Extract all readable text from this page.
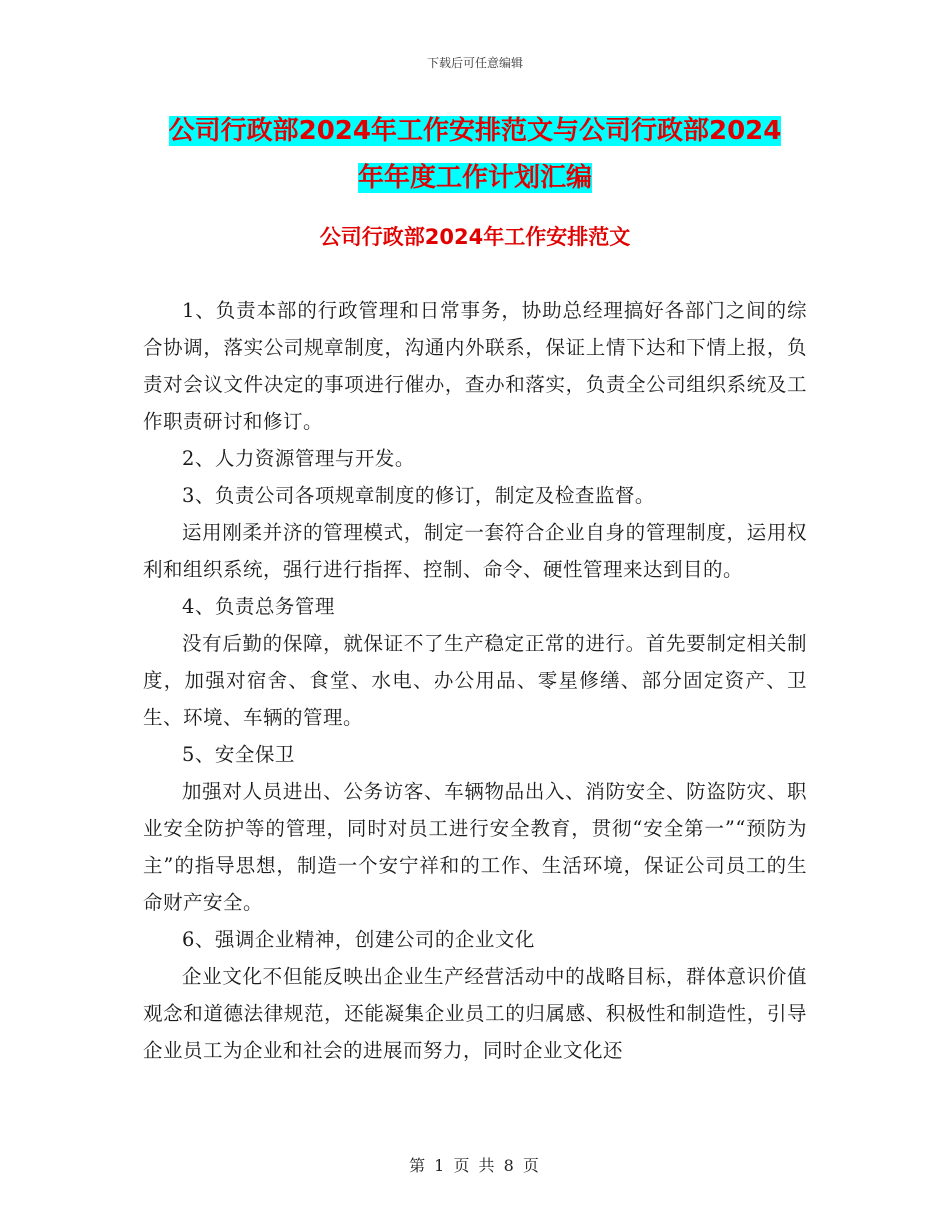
下载后可任意编辑
公司行政部2024年工作安排范文与公司行政部2024
年年度工作计划汇编
公司行政部2024年工作安排范文

1、负责本部的行政管理和日常事务，协助总经理搞好各部门之间的综合协调，落实公司规章制度，沟通内外联系，保证上情下达和下情上报，负责对会议文件决定的事项进行催办，查办和落实，负责全公司组织系统及工作职责研讨和修订。

2、人力资源管理与开发。

3、负责公司各项规章制度的修订，制定及检查监督。

运用刚柔并济的管理模式，制定一套符合企业自身的管理制度，运用权利和组织系统，强行进行指挥、控制、命令、硬性管理来达到目的。

4、负责总务管理

没有后勤的保障，就保证不了生产稳定正常的进行。首先要制定相关制度，加强对宿舍、食堂、水电、办公用品、零星修缮、部分固定资产、卫生、环境、车辆的管理。

5、安全保卫

加强对人员进出、公务访客、车辆物品出入、消防安全、防盗防灾、职业安全防护等的管理，同时对员工进行安全教育，贯彻“安全第一”“预防为主”的指导思想，制造一个安宁祥和的工作、生活环境，保证公司员工的生命财产安全。

6、强调企业精神，创建公司的企业文化

企业文化不但能反映出企业生产经营活动中的战略目标，群体意识价值观念和道德法律规范，还能凝集企业员工的归属感、积极性和制造性，引导企业员工为企业和社会的进展而努力，同时企业文化还

第 1 页 共 8 页
